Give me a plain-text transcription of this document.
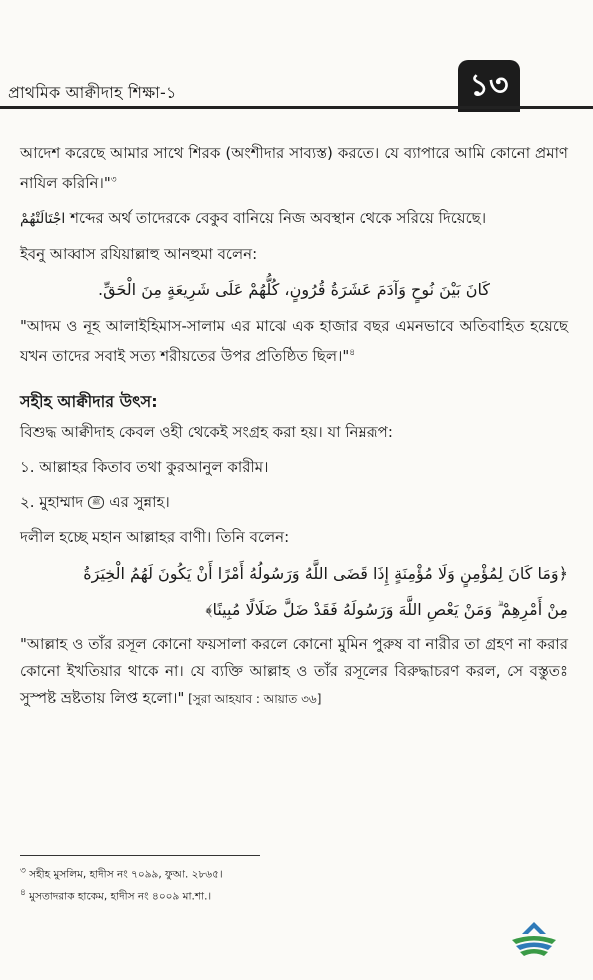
প্রাথমিক আক্বীদাহ শিক্ষা-১	১৩

আদেশ করেছে আমার সাথে শিরক (অংশীদার সাব্যস্ত) করতে। যে ব্যাপারে আমি কোনো প্রমাণ নাযিল করিনি।"$^৩$

اجْتَالَتْهُمْ শব্দের অর্থ তাদেরকে বেকুব বানিয়ে নিজ অবস্থান থেকে সরিয়ে দিয়েছে।

ইবনু আব্বাস রযিয়াল্লাহু আনহুমা বলেন:

كَانَ بَيْنَ نُوحٍ وَآدَمَ عَشَرَةُ قُرُونٍ، كُلُّهُمْ عَلَى شَرِيعَةٍ مِنَ الْحَقِّ.

"আদম ও নূহ আলাইহিমাস-সালাম এর মাঝে এক হাজার বছর এমনভাবে অতিবাহিত হয়েছে যখন তাদের সবাই সত্য শরীয়তের উপর প্রতিষ্ঠিত ছিল।"$^৪$

সহীহ আক্বীদার উৎস:

বিশুদ্ধ আক্বীদাহ কেবল ওহী থেকেই সংগ্রহ করা হয়। যা নিম্নরূপ:

১. আল্লাহর কিতাব তথা কুরআনুল কারীম।

২. মুহাম্মাদ ﷺ এর সুন্নাহ।

দলীল হচ্ছে মহান আল্লাহর বাণী। তিনি বলেন:

﴿وَمَا كَانَ لِمُؤْمِنٍ وَلَا مُؤْمِنَةٍ إِذَا قَضَى اللَّهُ وَرَسُولُهُ أَمْرًا أَنْ يَكُونَ لَهُمُ الْخِيَرَةُ
مِنْ أَمْرِهِمْ ۗ وَمَنْ يَعْصِ اللَّهَ وَرَسُولَهُ فَقَدْ ضَلَّ ضَلَالًا مُبِينًا﴾

"আল্লাহ ও তাঁর রসূল কোনো ফয়সালা করলে কোনো মুমিন পুরুষ বা নারীর তা গ্রহণ না করার কোনো ইখতিয়ার থাকে না। যে ব্যক্তি আল্লাহ ও তাঁর রসূলের বিরুদ্ধাচরণ করল, সে বস্তুতঃ সুস্পষ্ট ভ্রষ্টতায় লিপ্ত হলো।" [সুরা আহযাব : আয়াত ৩৬]

$^৩$ সহীহ মুসলিম, হাদীস নং ৭০৯৯, ফুআ. ২৮৬৫।
$^৪$ মুসতাদরাক হাকেম, হাদীস নং ৪০০৯ মা.শা.।
